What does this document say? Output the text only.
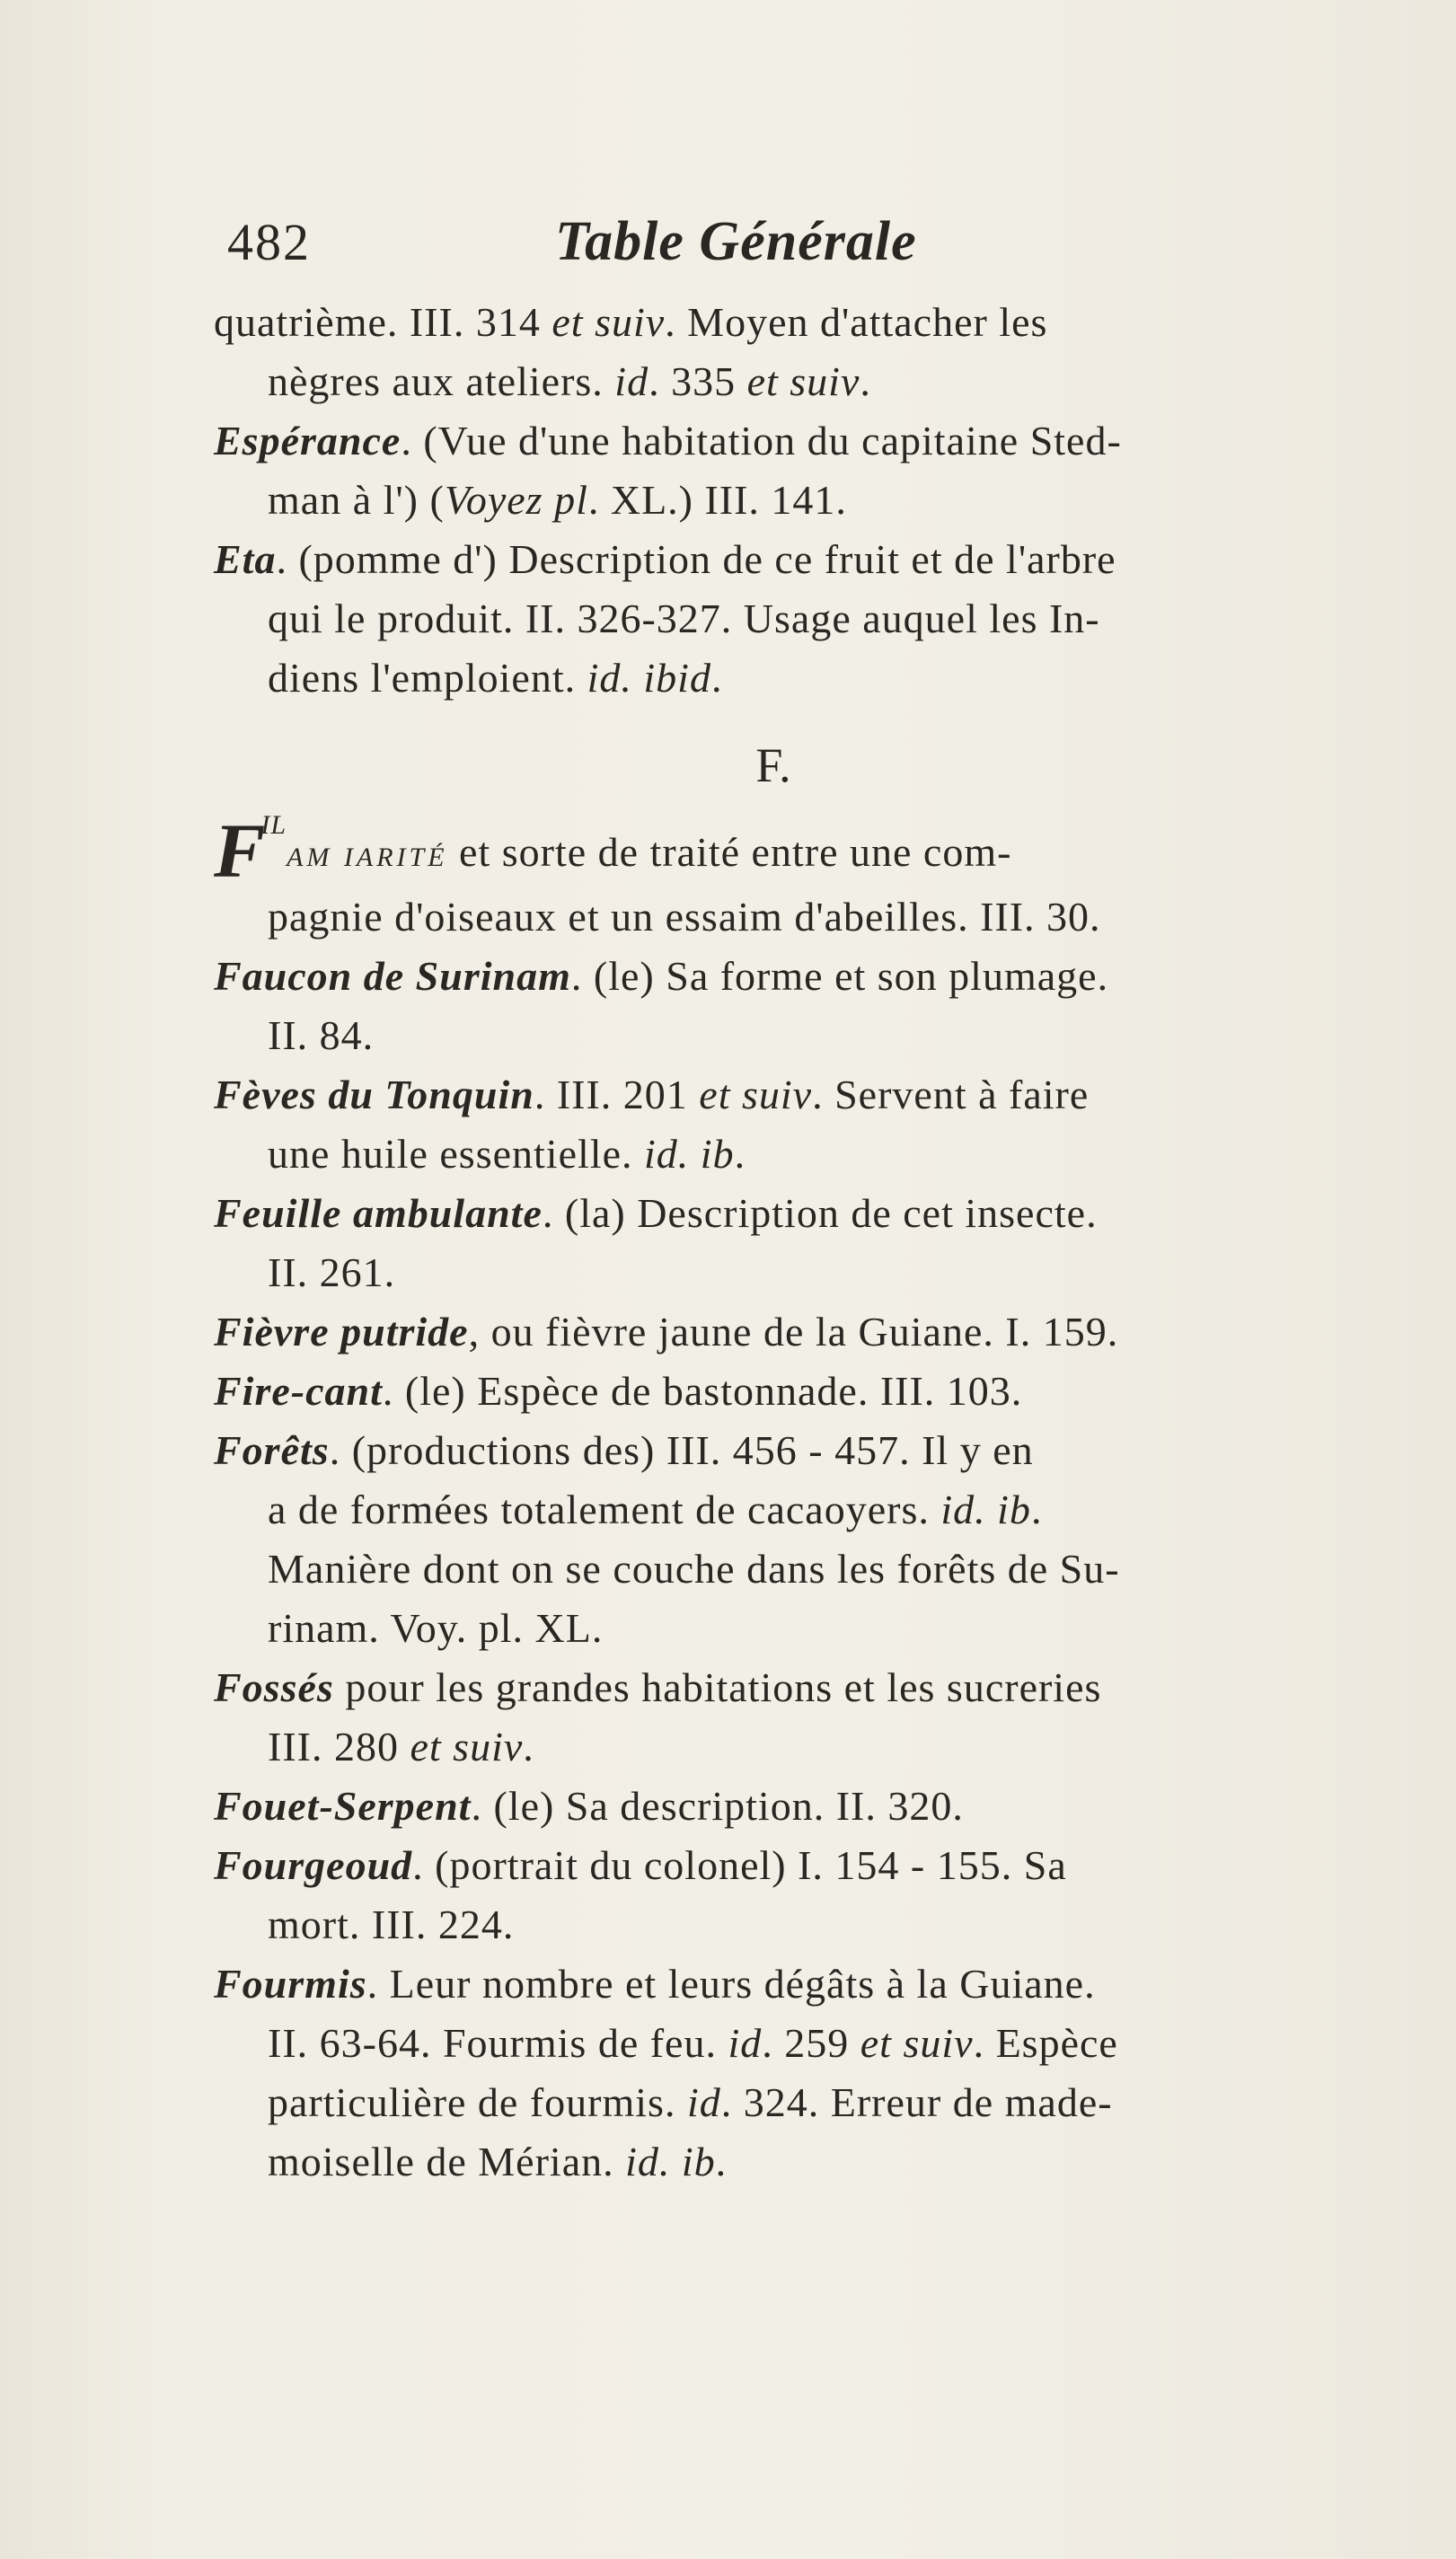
482	Table Générale
quatrième. III. 314 et suiv. Moyen d'attacher les
nègres aux ateliers. id. 335 et suiv.
Espérance. (Vue d'une habitation du capitaine Sted-
man à l') (Voyez pl. XL.) III. 141.
Eta. (pomme d') Description de ce fruit et de l'arbre
qui le produit. II. 326-327. Usage auquel les In-
diens l'emploient. id. ibid.
F.
$F^{IL}AM$ IARITÉ et sorte de traité entre une com-
pagnie d'oiseaux et un essaim d'abeilles. III. 30.
Faucon de Surinam. (le) Sa forme et son plumage.
II. 84.
Fèves du Tonquin. III. 201 et suiv. Servent à faire
une huile essentielle. id. ib.
Feuille ambulante. (la) Description de cet insecte.
II. 261.
Fièvre putride, ou fièvre jaune de la Guiane. I. 159.
Fire-cant. (le) Espèce de bastonnade. III. 103.
Forêts. (productions des) III. 456 - 457. Il y en
a de formées totalement de cacaoyers. id. ib.
Manière dont on se couche dans les forêts de Su-
rinam. Voy. pl. XL.
Fossés pour les grandes habitations et les sucreries
III. 280 et suiv.
Fouet-Serpent. (le) Sa description. II. 320.
Fourgeoud. (portrait du colonel) I. 154 - 155. Sa
mort. III. 224.
Fourmis. Leur nombre et leurs dégâts à la Guiane.
II. 63-64. Fourmis de feu. id. 259 et suiv. Espèce
particulière de fourmis. id. 324. Erreur de made-
moiselle de Mérian. id. ib.
